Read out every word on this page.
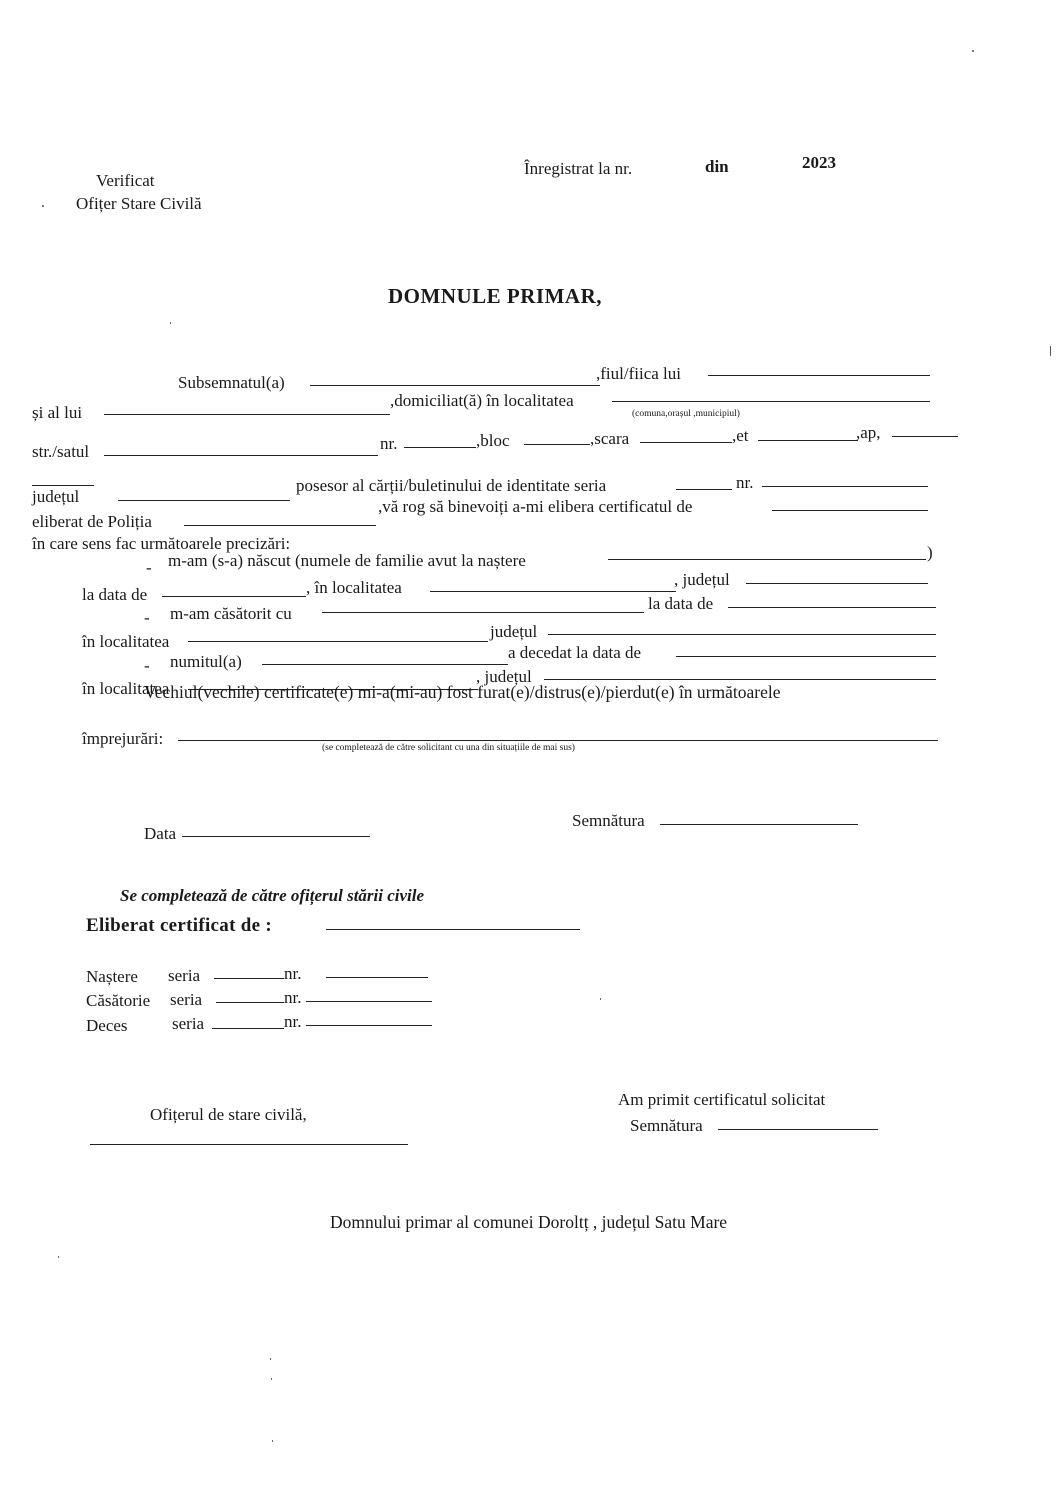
Verificat
Ofițer Stare Civilă
Înregistrat la nr.	din	2023
DOMNULE PRIMAR,
Subsemnatul(a)	,fiul/fiica lui
și al lui
,domiciliat(ă) în localitatea
(comuna,orașul ,municipiul)
str./satul	nr.	,bloc	,scara	,et	,ap,
județul
posesor al cărții/buletinului de identitate seria	nr.
eliberat de Poliția
,vă rog să binevoiți a-mi elibera certificatul de
în care sens fac următoarele precizări:
- m-am (s-a) născut (numele de familie avut la naștere	)
la data de	, în localitatea	, județul
- m-am căsătorit cu
la data de
în localitatea
județul
- numitul(a)	a decedat la data de
în localitatea
, județul
Vechiul(vechile) certificate(e) mi-a(mi-au) fost furat(e)/distrus(e)/pierdut(e) în următoarele
împrejurări:	(se completează de către solicitant cu una din situațiile de mai sus)
Data
Semnătura
Se completează de către ofițerul stării civile
Eliberat certificat de :
Naștere seria	nr.
Căsătorie seria	nr.
Deces	seria	nr.
Ofițerul de stare civilă,
Am primit certificatul solicitat
Semnătura
Domnului primar al comunei Doroltț , județul Satu Mare
